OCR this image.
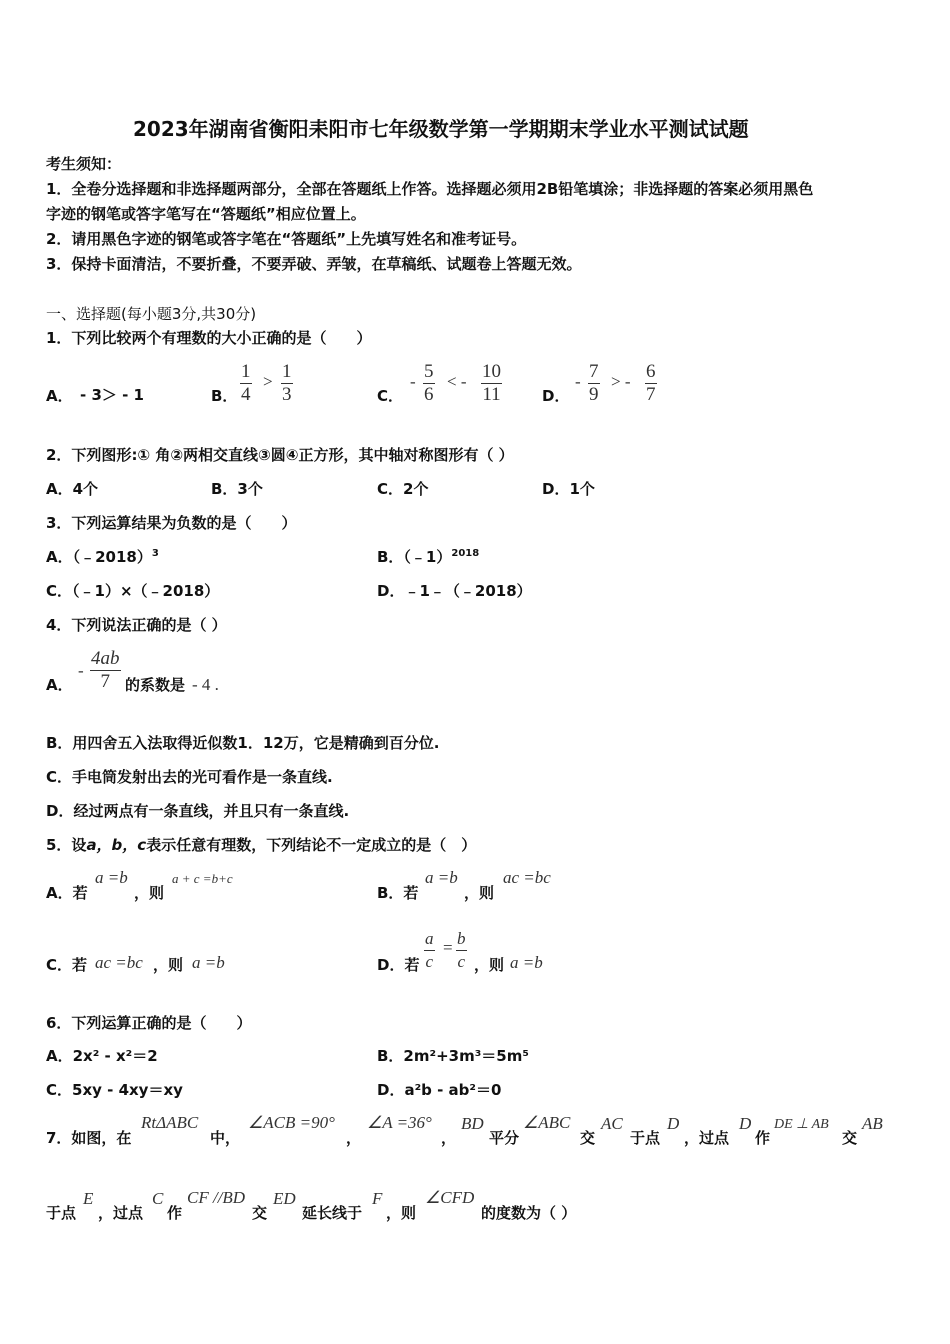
2023年湖南省衡阳耒阳市七年级数学第一学期期末学业水平测试试题
考生须知：
1．全卷分选择题和非选择题两部分，全部在答题纸上作答。选择题必须用2B铅笔填涂；非选择题的答案必须用黑色
字迹的钢笔或答字笔写在“答题纸”相应位置上。
2．请用黑色字迹的钢笔或答字笔在“答题纸”上先填写姓名和准考证号。
3．保持卡面清洁，不要折叠，不要弄破、弄皱，在草稿纸、试题卷上答题无效。
一、选择题(每小题3分,共30分)
1．下列比较两个有理数的大小正确的是（　　）
A． - 3＞ - 1	B． $\frac{1}{4} > \frac{1}{3}$	C．
- $\frac{5}{6}$ < - $\frac{10}{11}$	D．
- $\frac{7}{9}$ > - $\frac{6}{7}$
2．下列图形:① 角②两相交直线③圆④正方形，其中轴对称图形有（ ）
A．4个	B．3个	C．2个	D．1个
3．下列运算结果为负数的是（　　）
A．（﹣2018）$^3$	B．（﹣1）$^{2018}$
C．（﹣1）×（﹣2018）	D．﹣1﹣（﹣2018）
4．下列说法正确的是（ ）
A．
- $\frac{4ab}{7}$ 的系数是 - 4 .
B．用四舍五入法取得近似数1．12万，它是精确到百分位.
C．手电筒发射出去的光可看作是一条直线.
D．经过两点有一条直线，并且只有一条直线.
5．设a，b，c表示任意有理数，下列结论不一定成立的是（　）
A．若
a =b
，则
a + c =b+c
B．若
a =b
，则
ac =bc
C．若 ac =bc ，则 a =b	D．若 $\frac{a}{c} = \frac{b}{c}$ ，则 a =b
6．下列运算正确的是（　　）
A．2x² - x²＝2	B．2m²+3m³＝5m⁵
C．5xy - 4xy＝xy	D．a²b - ab²＝0
7．如图，在
RtΔABC
中，
∠ACB =90°
，
∠A =36°
，
BD
平分
∠ABC
交
AC
于点
D
，过点
D
作
DE ⊥ AB
交
AB
于点
E
，过点
C
作
CF //BD
交
ED
延长线于
F
，则
∠CFD
的度数为（ ）
